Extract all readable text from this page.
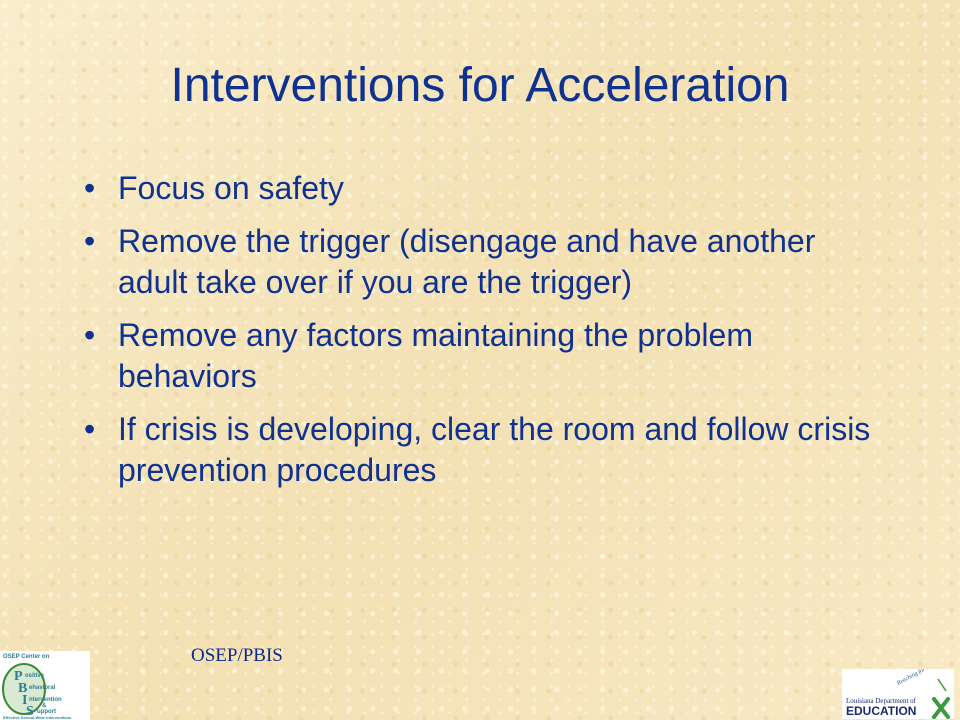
Interventions for Acceleration
• Focus on safety
• Remove the trigger (disengage and have another adult take over if you are the trigger)
• Remove any factors maintaining the problem behaviors
• If crisis is developing, clear the room and follow crisis prevention procedures
OSEP/PBIS
OSEP Center on
P
B
I
S
ositive
ehavioral
ntervention
&
upport
Effective School-Wide Interventions
Louisiana Department of
EDUCATION
